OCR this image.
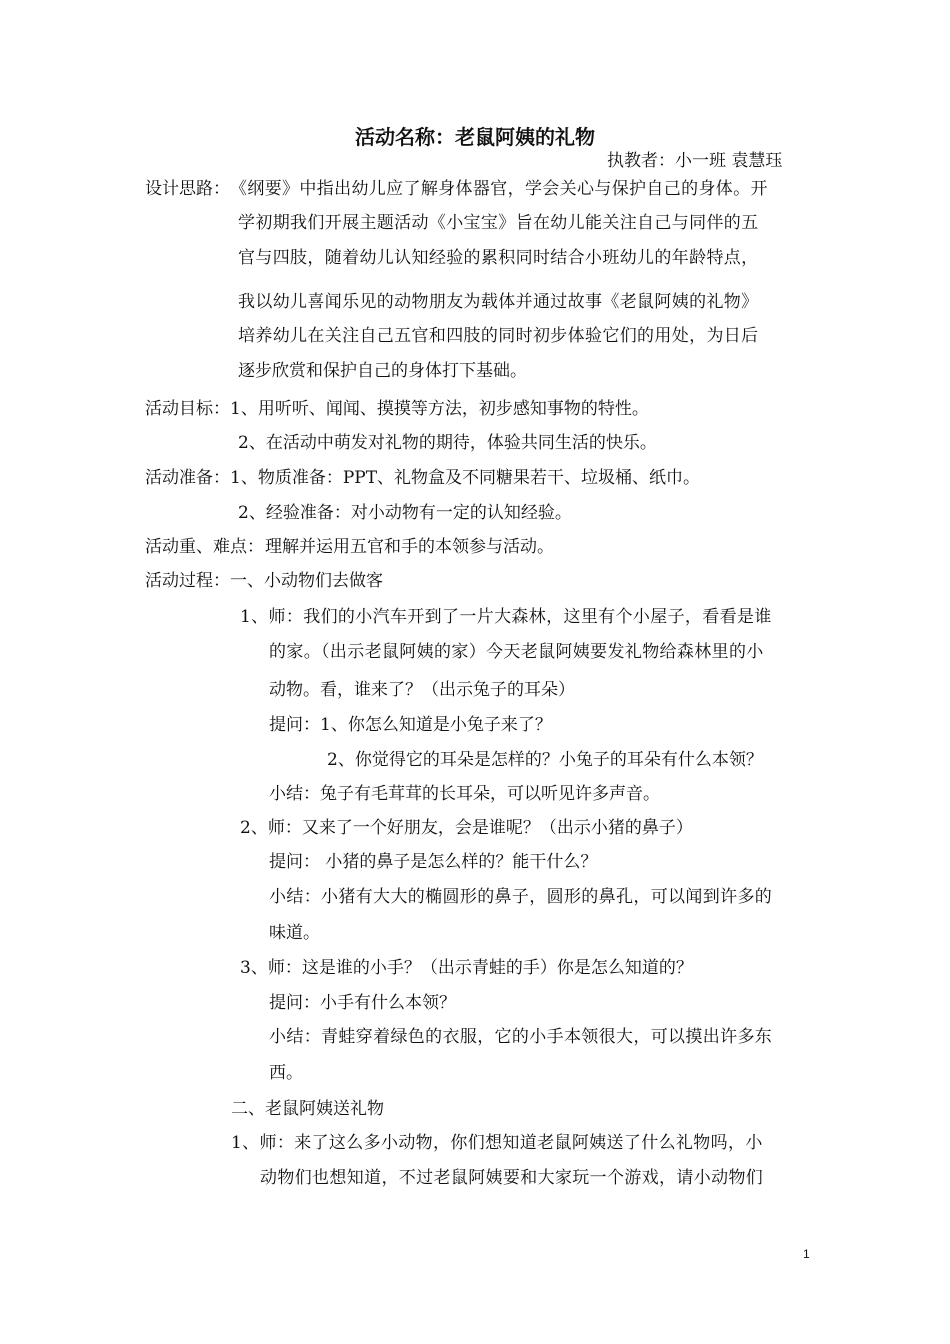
活动名称：老鼠阿姨的礼物
执教者：小一班 袁慧珏
设计思路： 《纲要》中指出幼儿应了解身体器官，学会关心与保护自己的身体。开
学初期我们开展主题活动《小宝宝》旨在幼儿能关注自己与同伴的五
官与四肢，随着幼儿认知经验的累积同时结合小班幼儿的年龄特点，
我以幼儿喜闻乐见的动物朋友为载体并通过故事《老鼠阿姨的礼物》
培养幼儿在关注自己五官和四肢的同时初步体验它们的用处，为日后
逐步欣赏和保护自己的身体打下基础。
活动目标： 1、用听听、闻闻、摸摸等方法，初步感知事物的特性。
2、在活动中萌发对礼物的期待，体验共同生活的快乐。
活动准备： 1、物质准备：PPT、礼物盒及不同糖果若干、垃圾桶、纸巾。
2、经验准备：对小动物有一定的认知经验。
活动重、难点： 理解并运用五官和手的本领参与活动。
活动过程： 一、小动物们去做客
1、师：我们的小汽车开到了一片大森林，这里有个小屋子，看看是谁
的家。（出示老鼠阿姨的家）今天老鼠阿姨要发礼物给森林里的小
动物。看，谁来了？（出示兔子的耳朵）
提问：1、你怎么知道是小兔子来了？
2、你觉得它的耳朵是怎样的？小兔子的耳朵有什么本领？
小结：兔子有毛茸茸的长耳朵，可以听见许多声音。
2、师：又来了一个好朋友，会是谁呢？（出示小猪的鼻子）
提问： 小猪的鼻子是怎么样的？能干什么？
小结：小猪有大大的椭圆形的鼻子，圆形的鼻孔，可以闻到许多的
味道。
3、师：这是谁的小手？（出示青蛙的手）你是怎么知道的？
提问：小手有什么本领？
小结：青蛙穿着绿色的衣服，它的小手本领很大，可以摸出许多东
西。
二、老鼠阿姨送礼物
1、师：来了这么多小动物，你们想知道老鼠阿姨送了什么礼物吗，小
动物们也想知道，不过老鼠阿姨要和大家玩一个游戏，请小动物们
1
